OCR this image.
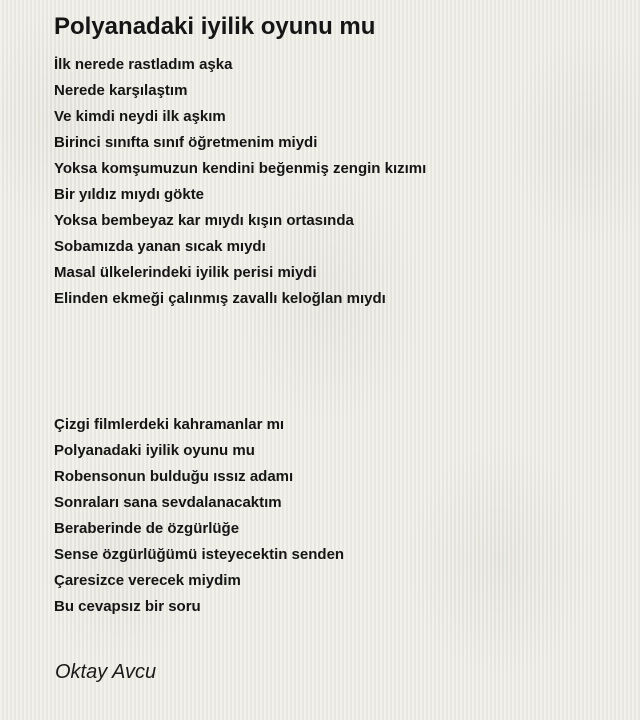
Polyanadaki iyilik oyunu mu
İlk nerede rastladım aşka
Nerede karşılaştım
Ve kimdi neydi ilk aşkım
Birinci sınıfta sınıf öğretmenim miydi
Yoksa komşumuzun kendini beğenmiş zengin kızımı
Bir yıldız mıydı gökte
Yoksa bembeyaz kar mıydı kışın ortasında
Sobamızda yanan sıcak mıydı
Masal ülkelerindeki iyilik perisi miydi
Elinden ekmeği çalınmış zavallı keloğlan mıydı
Çizgi filmlerdeki kahramanlar mı
Polyanadaki iyilik oyunu mu
Robensonun bulduğu ıssız adamı
Sonraları sana sevdalanacaktım
Beraberinde de özgürlüğe
Sense özgürlüğümü isteyecektin senden
Çaresizce verecek miydim
Bu cevapsız bir soru
Oktay Avcu
